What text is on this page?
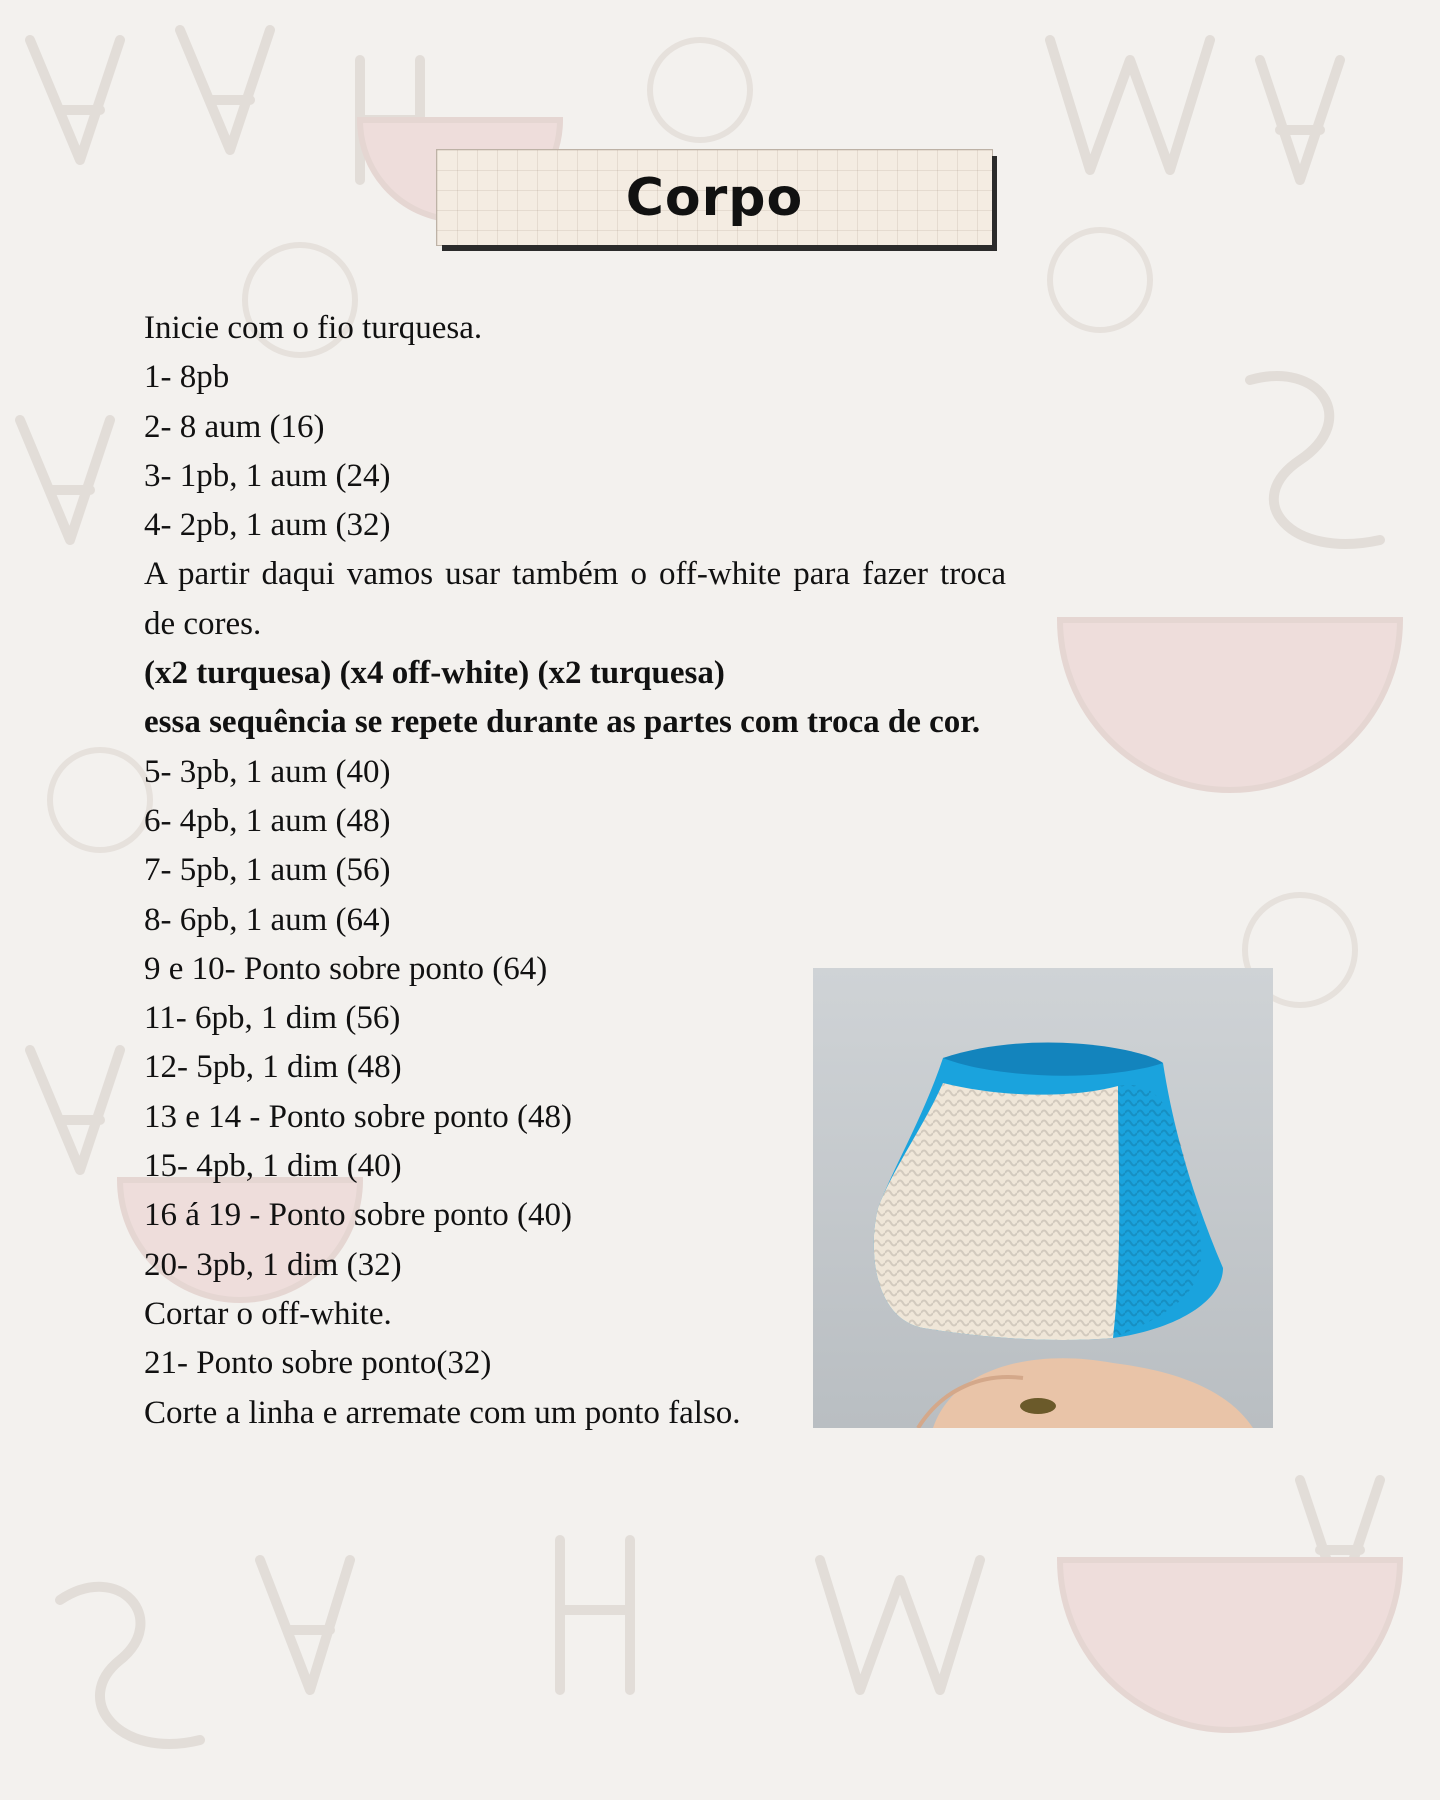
Corpo
Inicie com o fio turquesa.
1- 8pb
2- 8 aum (16)
3- 1pb, 1 aum (24)
4- 2pb, 1 aum (32)
A partir daqui vamos usar também o off-white para fazer troca de cores.
(x2 turquesa) (x4 off-white) (x2 turquesa)
essa sequência se repete durante as partes com troca de cor.
5- 3pb, 1 aum (40)
6- 4pb, 1 aum (48)
7- 5pb, 1 aum (56)
8- 6pb, 1 aum (64)
9 e 10- Ponto sobre ponto (64)
11- 6pb, 1 dim (56)
12- 5pb, 1 dim (48)
13 e 14 - Ponto sobre ponto (48)
15- 4pb, 1 dim (40)
16 á 19 - Ponto sobre ponto (40)
20- 3pb, 1 dim (32)
Cortar o off-white.
21- Ponto sobre ponto(32)
Corte a linha e arremate com um ponto falso.
